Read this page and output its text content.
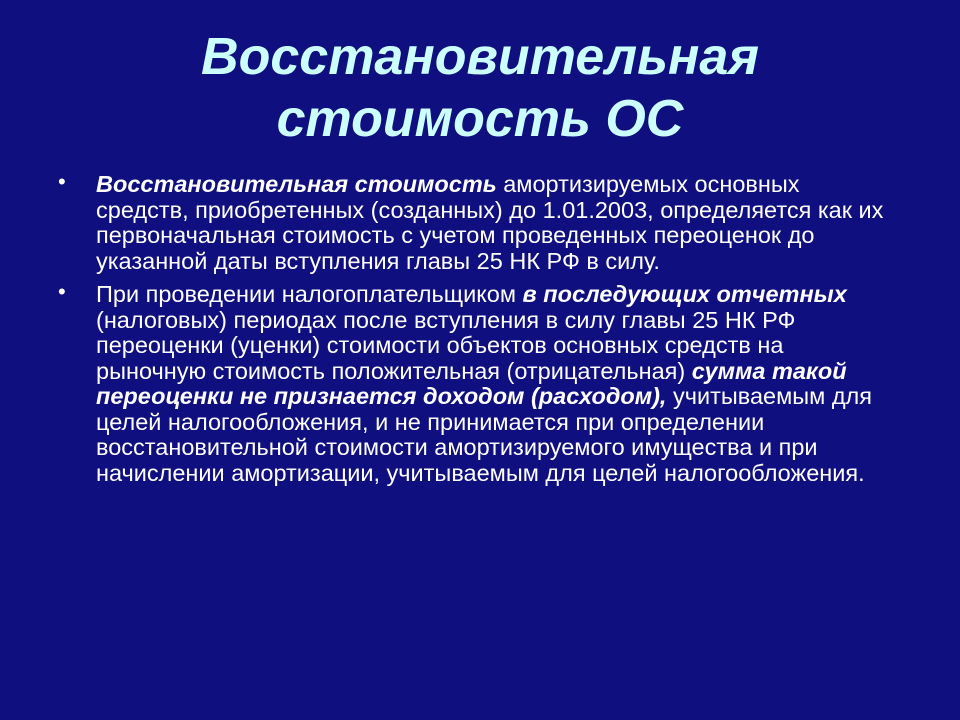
Восстановительная
стоимость ОС
• Восстановительная стоимость амортизируемых основных средств, приобретенных (созданных) до 1.01.2003, определяется как их первоначальная стоимость с учетом проведенных переоценок до указанной даты вступления главы 25 НК РФ в силу.
• При проведении налогоплательщиком в последующих отчетных (налоговых) периодах после вступления в силу главы 25 НК РФ переоценки (уценки) стоимости объектов основных средств на рыночную стоимость положительная (отрицательная) сумма такой переоценки не признается доходом (расходом), учитываемым для целей налогообложения, и не принимается при определении восстановительной стоимости амортизируемого имущества и при начислении амортизации, учитываемым для целей налогообложения.
